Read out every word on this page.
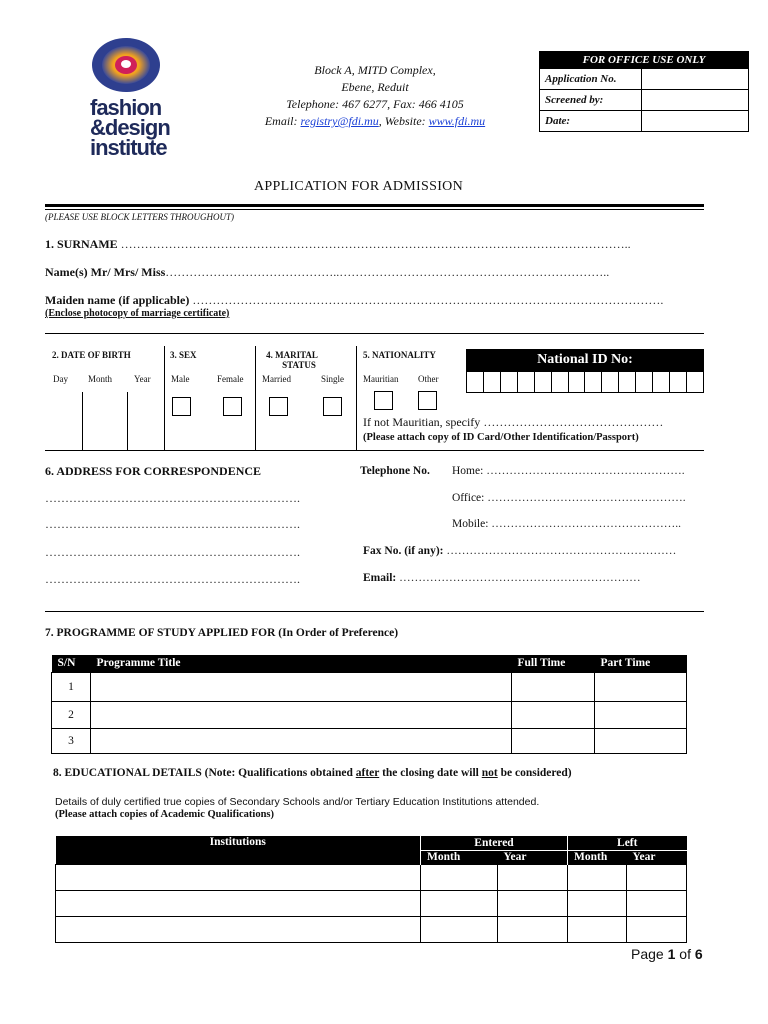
fashion
&design
institute
Block A, MITD Complex,
Ebene, Reduit
Telephone: 467 6277, Fax: 466 4105
Email: registry@fdi.mu, Website: www.fdi.mu
FOR OFFICE USE ONLY	
Application No.	
Screened by:	
Date:	
APPLICATION FOR ADMISSION
(PLEASE USE BLOCK LETTERS THROUGHOUT)
1. SURNAME ………………………………………………………………………………………………………………..
Name(s) Mr/ Mrs/ Miss……………………………………..…………………………………………………………..
Maiden name (if applicable) ……………………………………………………………………………………………………….
(Enclose photocopy of marriage certificate)
2. DATE OF BIRTH	3. SEX	4. MARITAL
STATUS
5. NATIONALITY
Day Month Year Male	Female Married	Single Mauritian Other
National ID No:
If not Mauritian, specify ………………………………………
(Please attach copy of ID Card/Other Identification/Passport)
6. ADDRESS FOR CORRESPONDENCE
……………………………………………………….
……………………………………………………….
……………………………………………………….
……………………………………………………….
Telephone No. Home: …………………………………………….
Office: …………………………………………….
Mobile: …………………………………………..
Fax No. (if any): ……………………………………………………
Email: ………………………………………………………
7. PROGRAMME OF STUDY APPLIED FOR (In Order of Preference)
S/N	Programme Title	Full Time	Part Time
1			
2			
3			
8. EDUCATIONAL DETAILS (Note: Qualifications obtained after the closing date will not be considered)
Details of duly certified true copies of Secondary Schools and/or Tertiary Education Institutions attended.
(Please attach copies of Academic Qualifications)
Institutions	Entered		Left	
	Month	Year	Month	Year

Page 1 of 6
